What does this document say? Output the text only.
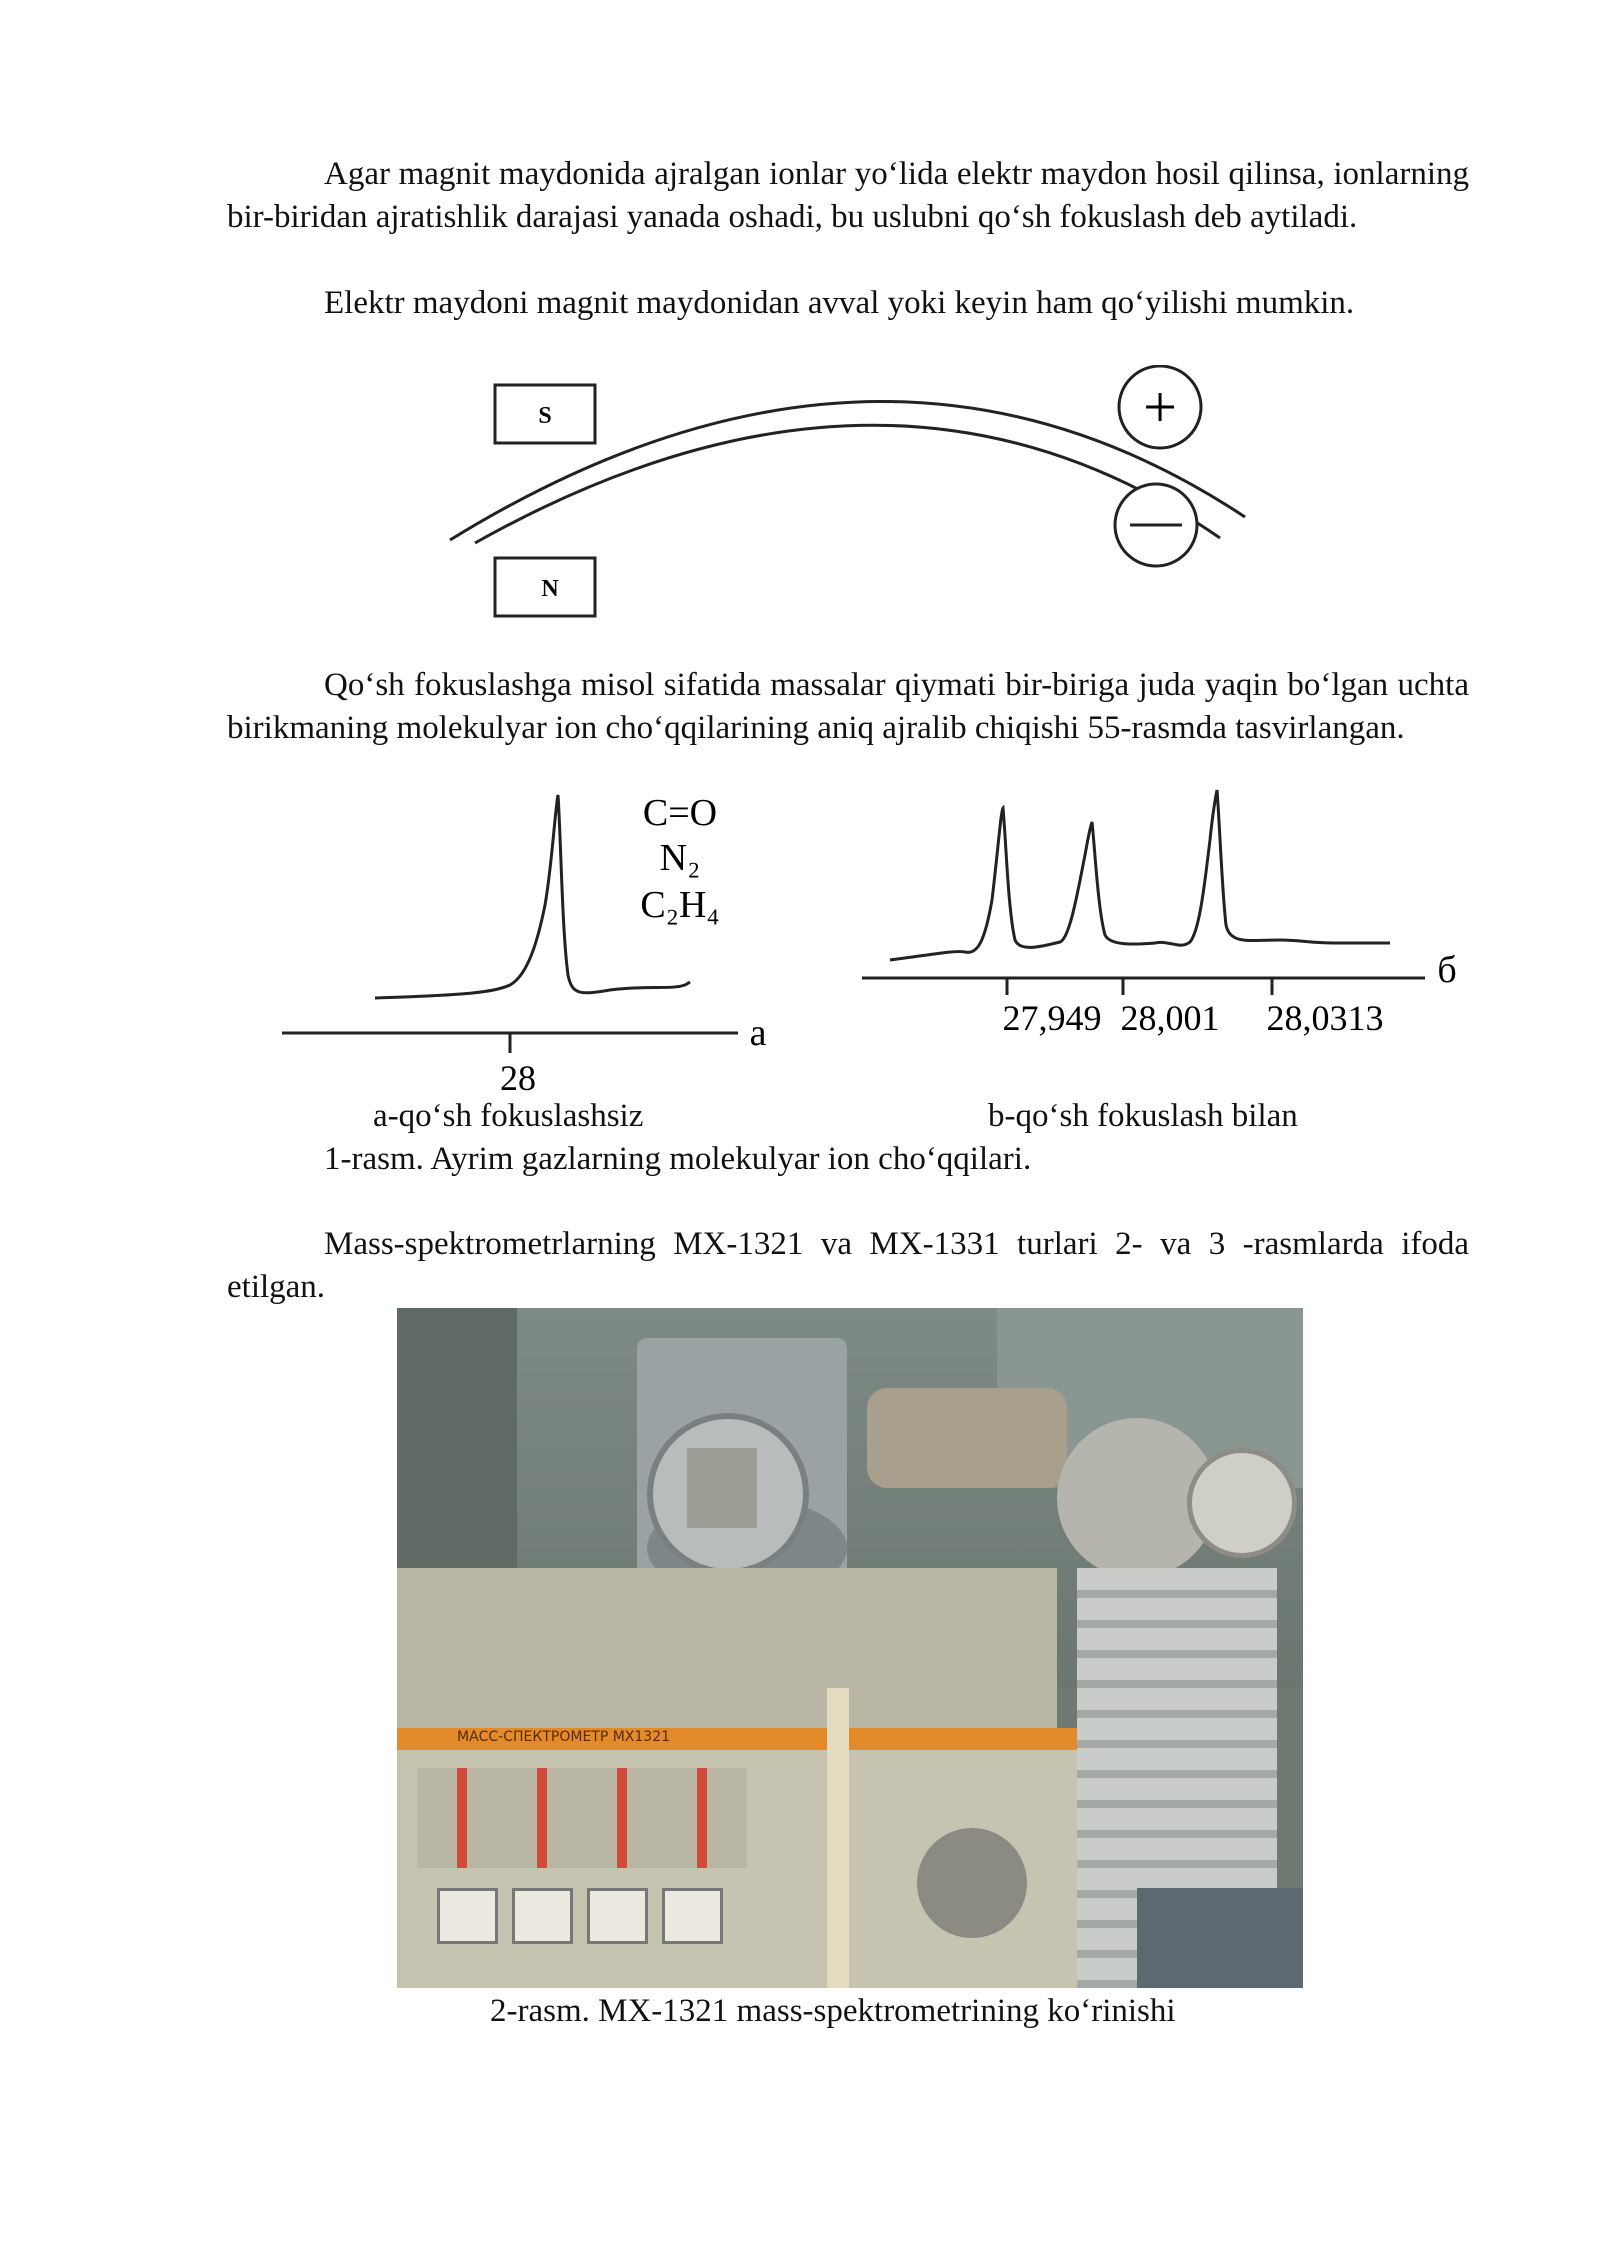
Agar magnit maydonida ajralgan ionlar yo‘lida elektr maydon hosil qilinsa, ionlarning bir-biridan ajratishlik darajasi yanada oshadi, bu uslubni qo‘sh fokuslash deb aytiladi.

Elektr maydoni magnit maydonidan avval yoki keyin ham qo‘yilishi mumkin.

S
N
+

Qo‘sh fokuslashga misol sifatida massalar qiymati bir-biriga juda yaqin bo‘lgan uchta birikmaning molekulyar ion cho‘qqilarining aniq ajralib chiqishi 55-rasmda tasvirlangan.

28
a
C=O
N₂
C₂H₄
27,949 28,001 28,0313
б
a-qo‘sh fokuslashsiz	b-qo‘sh fokuslash bilan
1-rasm. Ayrim gazlarning molekulyar ion cho‘qqilari.

Mass-spektrometrlarning MX-1321 va MX-1331 turlari 2- va 3 -rasmlarda ifoda etilgan.

МАСС-СПЕКТРОМЕТР МХ1321
2-rasm. MX-1321 mass-spektrometrining ko‘rinishi
